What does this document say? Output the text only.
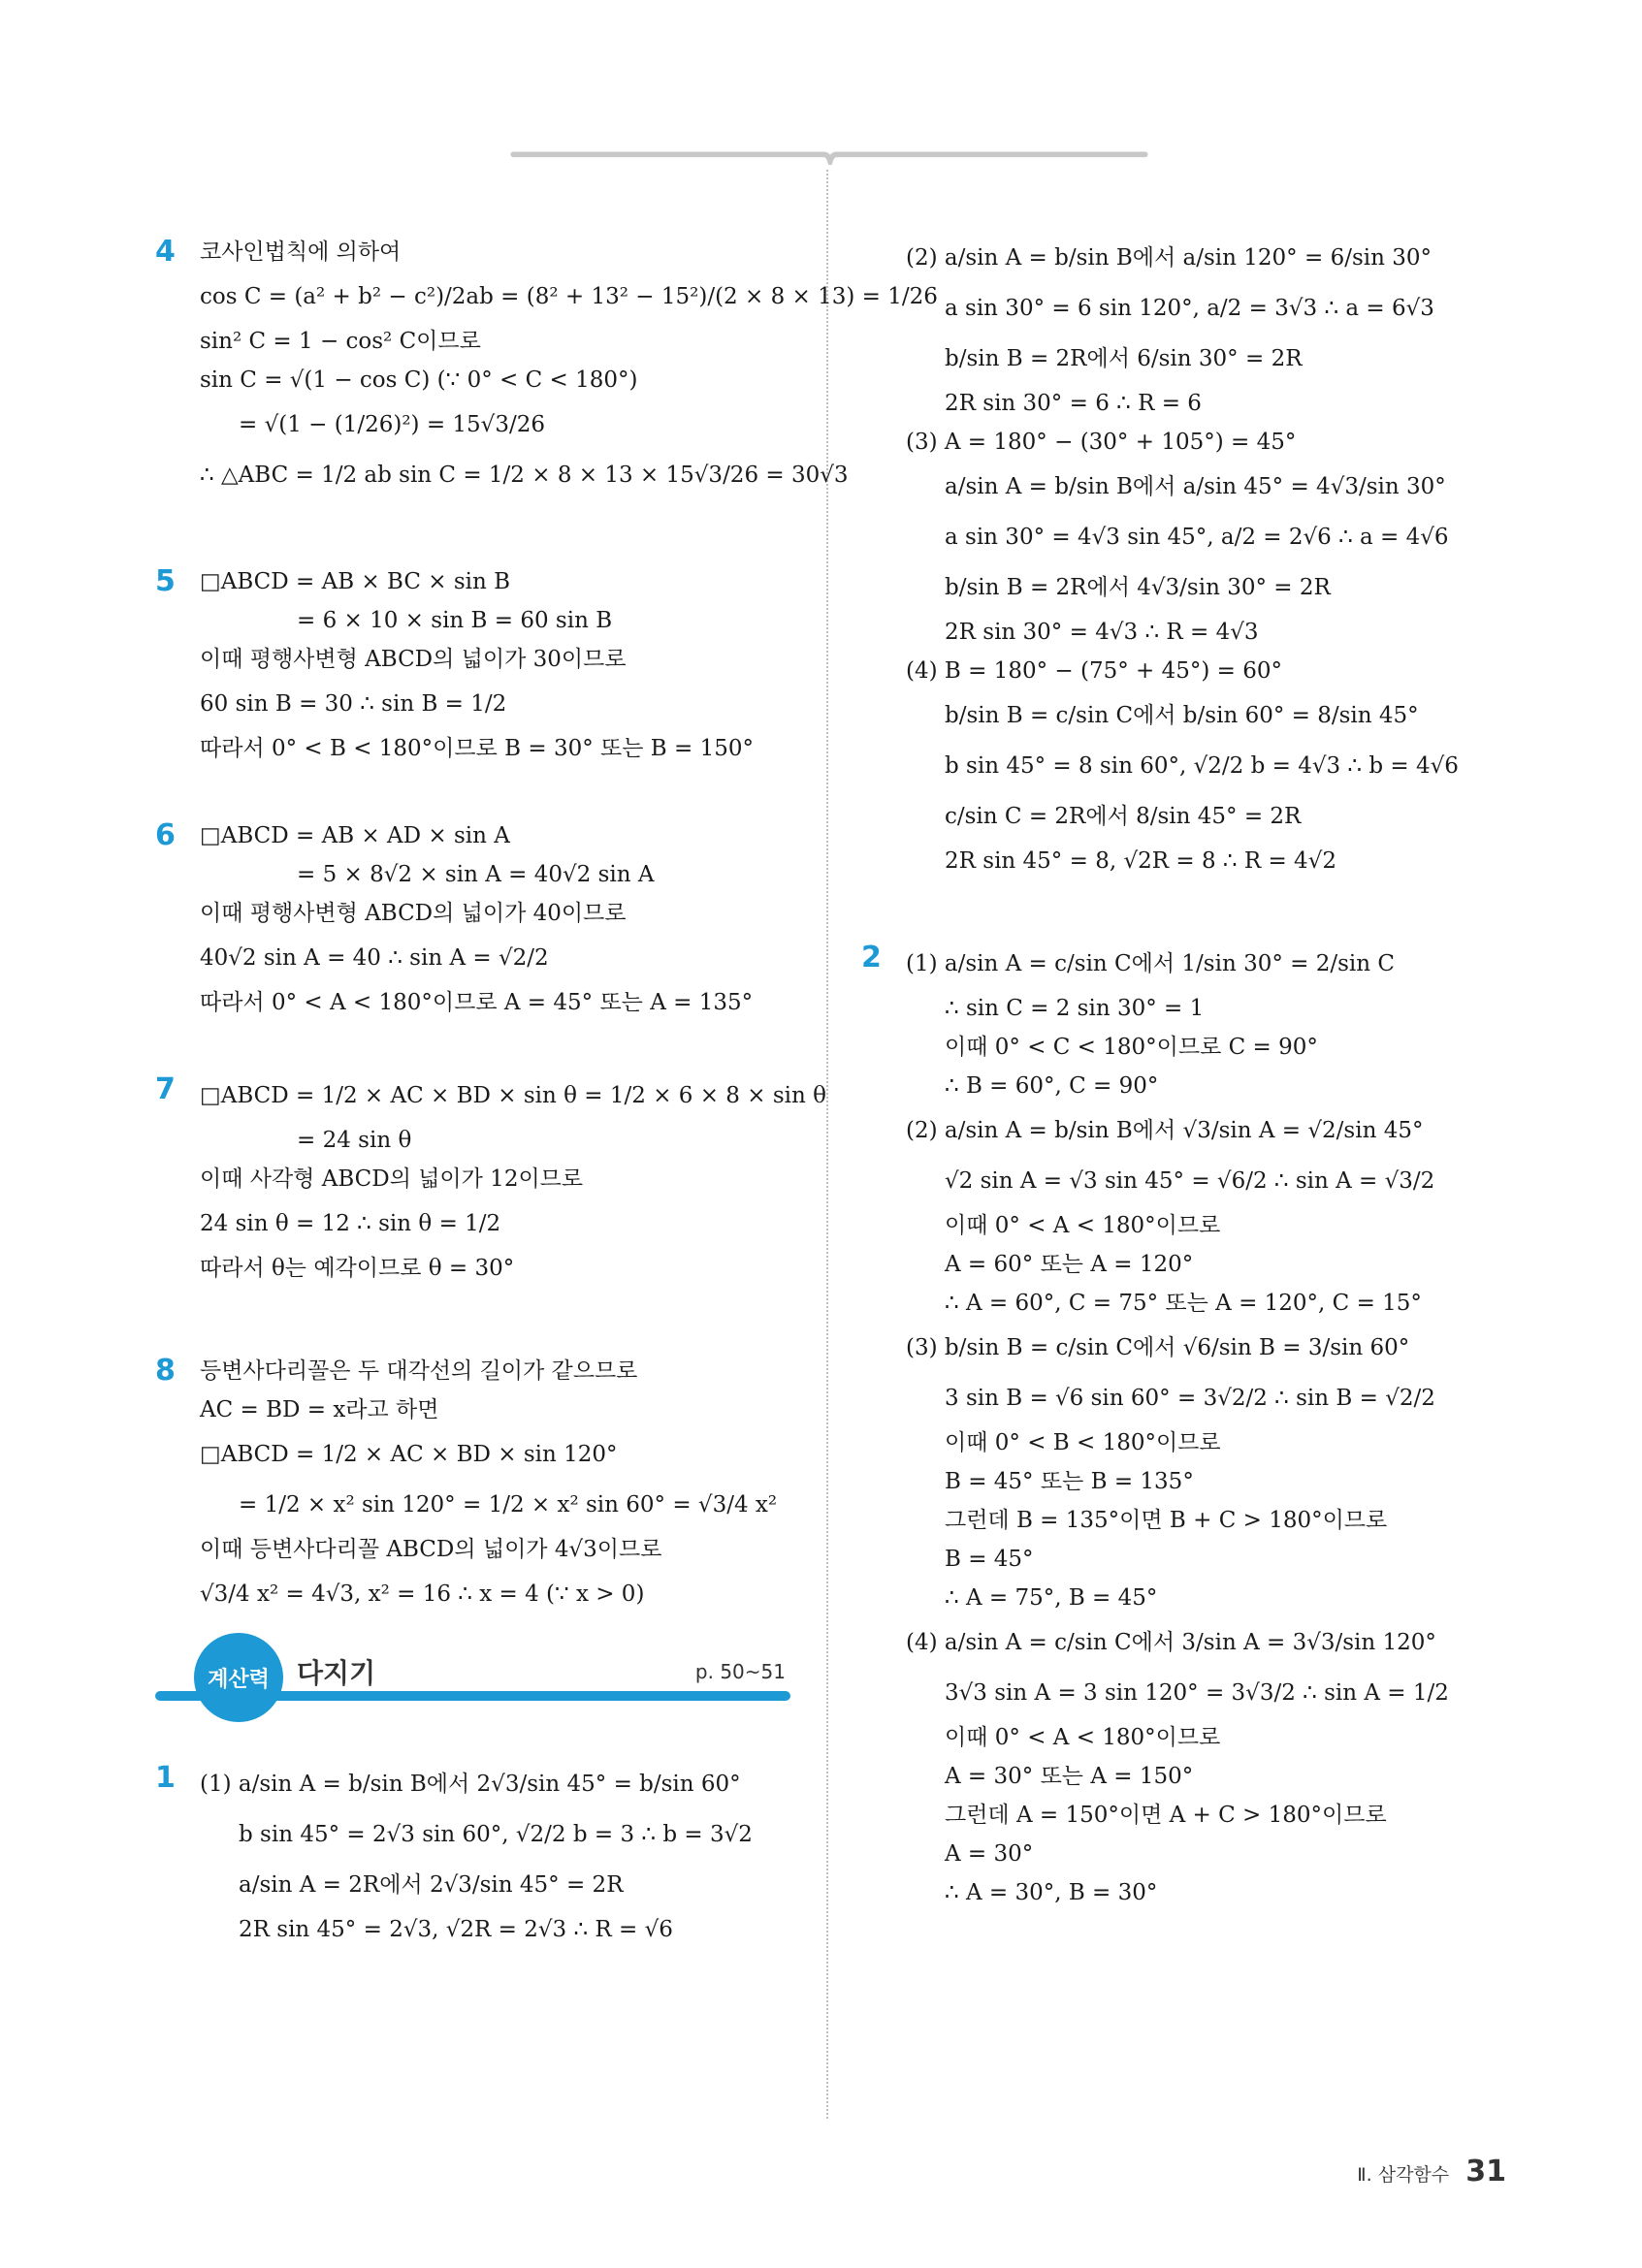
4 코사인법칙에 의하여
cos C = (a² + b² − c²)/2ab = (8² + 13² − 15²)/(2 × 8 × 13) = 1/26
sin² C = 1 − cos² C이므로
sin C = √(1 − cos C) (∵ 0° < C < 180°)
= √(1 − (1/26)²) = 15√3/26
∴ △ABC = 1/2 ab sin C = 1/2 × 8 × 13 × 15√3/26 = 30√3
5 □ABCD = AB × BC × sin B
= 6 × 10 × sin B = 60 sin B
이때 평행사변형 ABCD의 넓이가 30이므로
60 sin B = 30 ∴ sin B = 1/2
따라서 0° < B < 180°이므로 B = 30° 또는 B = 150°
6 □ABCD = AB × AD × sin A
= 5 × 8√2 × sin A = 40√2 sin A
이때 평행사변형 ABCD의 넓이가 40이므로
40√2 sin A = 40 ∴ sin A = √2/2
따라서 0° < A < 180°이므로 A = 45° 또는 A = 135°
7 □ABCD = 1/2 × AC × BD × sin θ = 1/2 × 6 × 8 × sin θ
= 24 sin θ
이때 사각형 ABCD의 넓이가 12이므로
24 sin θ = 12 ∴ sin θ = 1/2
따라서 θ는 예각이므로 θ = 30°
8 등변사다리꼴은 두 대각선의 길이가 같으므로
AC = BD = x라고 하면
□ABCD = 1/2 × AC × BD × sin 120°
= 1/2 × x² sin 120° = 1/2 × x² sin 60° = √3/4 x²
이때 등변사다리꼴 ABCD의 넓이가 4√3이므로
√3/4 x² = 4√3, x² = 16 ∴ x = 4 (∵ x > 0)
계산력	다지기	p. 50~51
1 (1) a/sin A = b/sin B에서 2√3/sin 45° = b/sin 60°
b sin 45° = 2√3 sin 60°, √2/2 b = 3 ∴ b = 3√2
a/sin A = 2R에서 2√3/sin 45° = 2R
2R sin 45° = 2√3, √2R = 2√3 ∴ R = √6
(2) a/sin A = b/sin B에서 a/sin 120° = 6/sin 30°
a sin 30° = 6 sin 120°, a/2 = 3√3 ∴ a = 6√3
b/sin B = 2R에서 6/sin 30° = 2R
2R sin 30° = 6 ∴ R = 6
(3) A = 180° − (30° + 105°) = 45°
a/sin A = b/sin B에서 a/sin 45° = 4√3/sin 30°
a sin 30° = 4√3 sin 45°, a/2 = 2√6 ∴ a = 4√6
b/sin B = 2R에서 4√3/sin 30° = 2R
2R sin 30° = 4√3 ∴ R = 4√3
(4) B = 180° − (75° + 45°) = 60°
b/sin B = c/sin C에서 b/sin 60° = 8/sin 45°
b sin 45° = 8 sin 60°, √2/2 b = 4√3 ∴ b = 4√6
c/sin C = 2R에서 8/sin 45° = 2R
2R sin 45° = 8, √2R = 8 ∴ R = 4√2
2 (1) a/sin A = c/sin C에서 1/sin 30° = 2/sin C
∴ sin C = 2 sin 30° = 1
이때 0° < C < 180°이므로 C = 90°
∴ B = 60°, C = 90°
(2) a/sin A = b/sin B에서 √3/sin A = √2/sin 45°
√2 sin A = √3 sin 45° = √6/2 ∴ sin A = √3/2
이때 0° < A < 180°이므로
A = 60° 또는 A = 120°
∴ A = 60°, C = 75° 또는 A = 120°, C = 15°
(3) b/sin B = c/sin C에서 √6/sin B = 3/sin 60°
3 sin B = √6 sin 60° = 3√2/2 ∴ sin B = √2/2
이때 0° < B < 180°이므로
B = 45° 또는 B = 135°
그런데 B = 135°이면 B + C > 180°이므로
B = 45°
∴ A = 75°, B = 45°
(4) a/sin A = c/sin C에서 3/sin A = 3√3/sin 120°
3√3 sin A = 3 sin 120° = 3√3/2 ∴ sin A = 1/2
이때 0° < A < 180°이므로
A = 30° 또는 A = 150°
그런데 A = 150°이면 A + C > 180°이므로
A = 30°
∴ A = 30°, B = 30°
Ⅱ. 삼각함수 31
